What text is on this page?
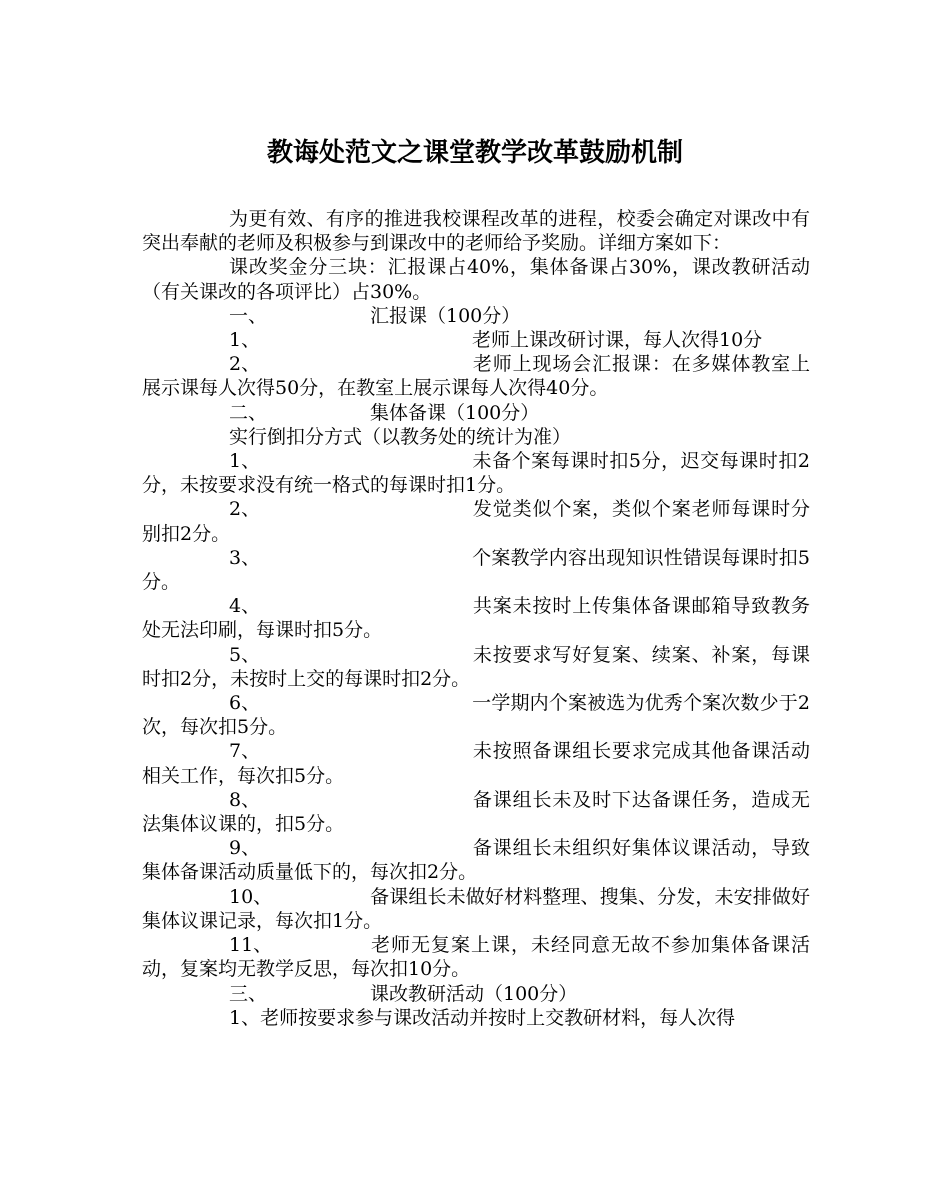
教诲处范文之课堂教学改革鼓励机制

为更有效、有序的推进我校课程改革的进程，校委会确定对课改中有突出奉献的老师及积极参与到课改中的老师给予奖励。详细方案如下：

课改奖金分三块：汇报课占40%，集体备课占30%，课改教研活动（有关课改的各项评比）占30%。

一、	汇报课（100分）

1、	老师上课改研讨课，每人次得10分

2、	老师上现场会汇报课：在多媒体教室上展示课每人次得50分，在教室上展示课每人次得40分。

二、	集体备课（100分）

实行倒扣分方式（以教务处的统计为准）

1、	未备个案每课时扣5分，迟交每课时扣2分，未按要求没有统一格式的每课时扣1分。

2、	发觉类似个案，类似个案老师每课时分别扣2分。

3、	个案教学内容出现知识性错误每课时扣5分。

4、	共案未按时上传集体备课邮箱导致教务处无法印刷，每课时扣5分。

5、	未按要求写好复案、续案、补案，每课时扣2分，未按时上交的每课时扣2分。

6、	一学期内个案被选为优秀个案次数少于2次，每次扣5分。

7、	未按照备课组长要求完成其他备课活动相关工作，每次扣5分。

8、	备课组长未及时下达备课任务，造成无法集体议课的，扣5分。

9、	备课组长未组织好集体议课活动，导致集体备课活动质量低下的，每次扣2分。

10、	备课组长未做好材料整理、搜集、分发，未安排做好集体议课记录，每次扣1分。

11、	老师无复案上课，未经同意无故不参加集体备课活动，复案均无教学反思，每次扣10分。

三、	课改教研活动（100分）

1、老师按要求参与课改活动并按时上交教研材料，每人次得
